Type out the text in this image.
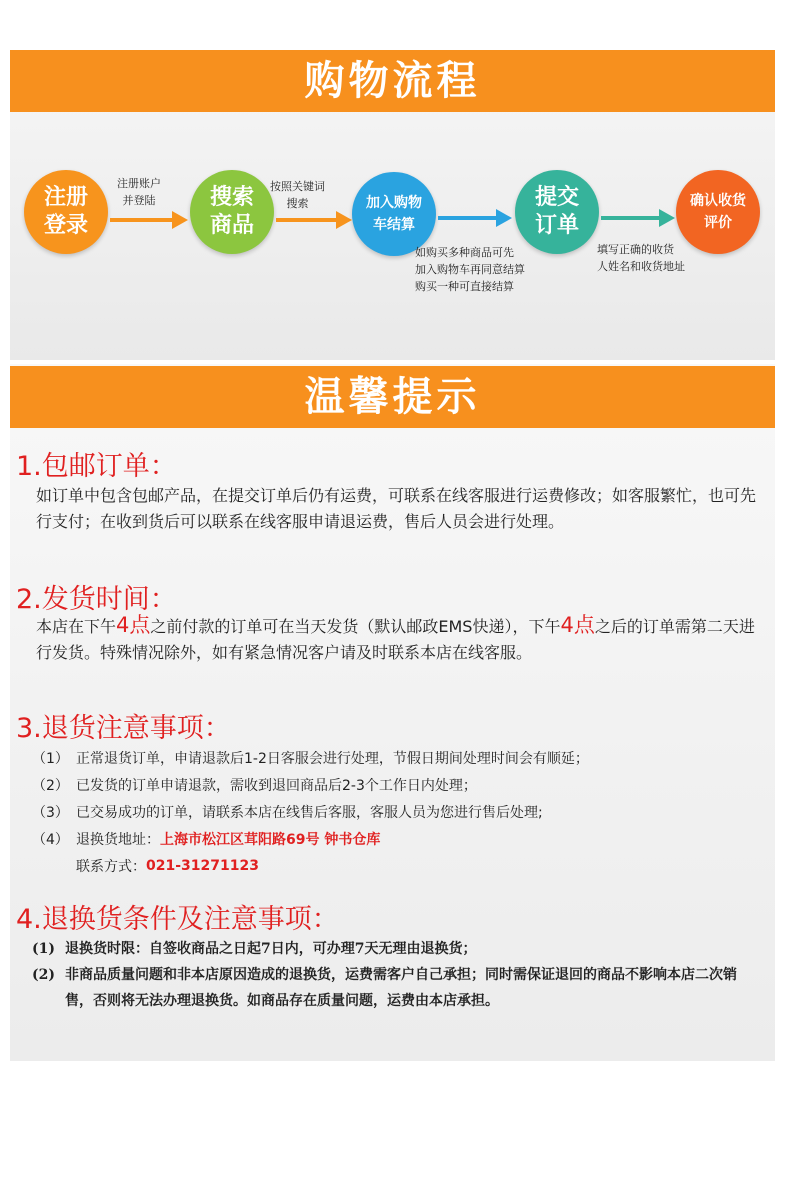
购物流程
注册
登录
注册账户
并登陆	搜索
商品
按照关键词
搜索	加入购物
车结算
如购买多种商品可先
加入购物车再同意结算
购买一种可直接结算
提交
订单
填写正确的收货
人姓名和收货地址
确认收货
评价
温馨提示
1.包邮订单：
如订单中包含包邮产品，在提交订单后仍有运费，可联系在线客服进行运费修改；如客服繁忙，也可先行支付；在收到货后可以联系在线客服申请退运费，售后人员会进行处理。
2.发货时间：
本店在下午4点之前付款的订单可在当天发货（默认邮政EMS快递），下午4点之后的订单需第二天进行发货。特殊情况除外，如有紧急情况客户请及时联系本店在线客服。
3.退货注意事项：
（1） 正常退货订单，申请退款后1-2日客服会进行处理，节假日期间处理时间会有顺延；
（2） 已发货的订单申请退款，需收到退回商品后2-3个工作日内处理；
（3） 已交易成功的订单，请联系本店在线售后客服，客服人员为您进行售后处理;
（4） 退换货地址： 上海市松江区茸阳路69号 钟书仓库
联系方式： 021-31271123
4.退换货条件及注意事项：
(1) 退换货时限：自签收商品之日起7日内，可办理7天无理由退换货；
(2) 非商品质量问题和非本店原因造成的退换货，运费需客户自己承担；同时需保证退回的商品不影响本店二次销售，否则将无法办理退换货。如商品存在质量问题，运费由本店承担。
